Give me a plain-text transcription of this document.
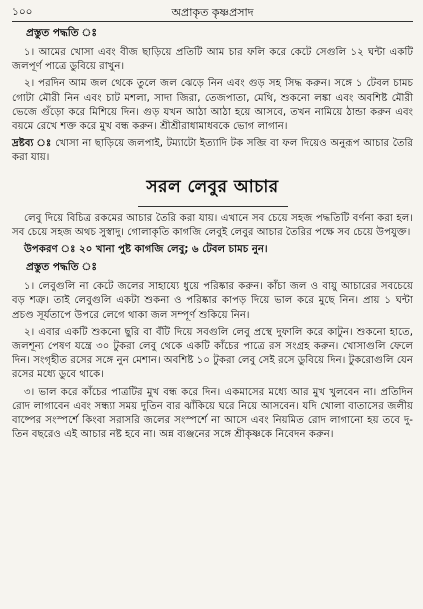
১০০	অপ্রাকৃত কৃষ্ণপ্রসাদ
প্রস্তুত পদ্ধতি ঃ

১। আমের খোসা এবং বীজ ছাড়িয়ে প্রতিটি আম চার ফলি করে কেটে সেগুলি ১২ ঘন্টা একটি জলপূর্ণ পাত্রে ডুবিয়ে রাখুন।

২। পরদিন আম জল থেকে তুলে জল ঝেড়ে নিন এবং গুড় সহ সিদ্ধ করুন। সঙ্গে ১ টেবল চামচ গোটা মৌরী নিন এবং চাট মশলা, সাদা জিরা, তেজপাতা, মেথি, শুকনো লঙ্কা এবং অবশিষ্ট মৌরী ভেজে গুঁড়ো করে মিশিয়ে দিন। গুড় যখন আঠা আঠা হয়ে আসবে, তখন নামিয়ে ঠান্ডা করুন এবং বয়মে রেখে শক্ত করে মুখ বন্ধ করুন। শ্রীশ্রীরাধামাধবকে ভোগ লাগান।

দ্রষ্টব্য ঃ খোসা না ছাড়িয়ে জলপাই, টম্যাটো ইত্যাদি টক সব্জি বা ফল দিয়েও অনুরূপ আচার তৈরি করা যায়।

সরল লেবুর আচার

লেবু দিয়ে বিচিত্র রকমের আচার তৈরি করা যায়। এখানে সব চেয়ে সহজ পদ্ধতিটি বর্ণনা করা হল। সব চেয়ে সহজ অথচ সুস্বাদু। গোলাকৃতি কাগজি লেবুই লেবুর আচার তৈরির পক্ষে সব চেয়ে উপযুক্ত।

উপকরণ ঃ ২০ খানা পুষ্ট কাগজি লেবু; ৬ টেবল চামচ নুন।

প্রস্তুত পদ্ধতি ঃ

১। লেবুগুলি না কেটে জলের সাহায্যে ধুয়ে পরিষ্কার করুন। কাঁচা জল ও বায়ু আচারের সবচেয়ে বড় শত্রু। তাই লেবুগুলি একটা শুকনা ও পরিষ্কার কাপড় দিয়ে ভাল করে মুছে নিন। প্রায় ১ ঘন্টা প্রচণ্ড সূর্যতাপে উপরে লেগে থাকা জল সম্পূর্ণ শুকিয়ে নিন।

২। এবার একটি শুকনো ছুরি বা বঁটি দিয়ে সবগুলি লেবু প্রস্থে দুফালি করে কাটুন। শুকনো হাতে, জলশূন্য পেষণ যন্ত্রে ৩০ টুকরা লেবু থেকে একটি কাঁচের পাত্রে রস সংগ্রহ করুন। খোসাগুলি ফেলে দিন। সংগৃহীত রসের সঙ্গে নুন মেশান। অবশিষ্ট ১০ টুকরা লেবু সেই রসে ডুবিয়ে দিন। টুকরোগুলি যেন রসের মধ্যে ডুবে থাকে।

৩। ভাল করে কাঁচের পাত্রটির মুখ বন্ধ করে দিন। একমাসের মধ্যে আর মুখ খুলবেন না। প্রতিদিন রোদ লাগাবেন এবং সন্ধ্যা সময় দুতিন বার ঝাঁকিয়ে ঘরে নিয়ে আসবেন। যদি খোলা বাতাসের জলীয় বাষ্পের সংস্পর্শে কিংবা সরাসরি জলের সংস্পর্শে না আসে এবং নিয়মিত রোদ লাগানো হয় তবে দু-তিন বছরেও এই আচার নষ্ট হবে না। অন্ন ব্যঞ্জনের সঙ্গে শ্রীকৃষ্ণকে নিবেদন করুন।
